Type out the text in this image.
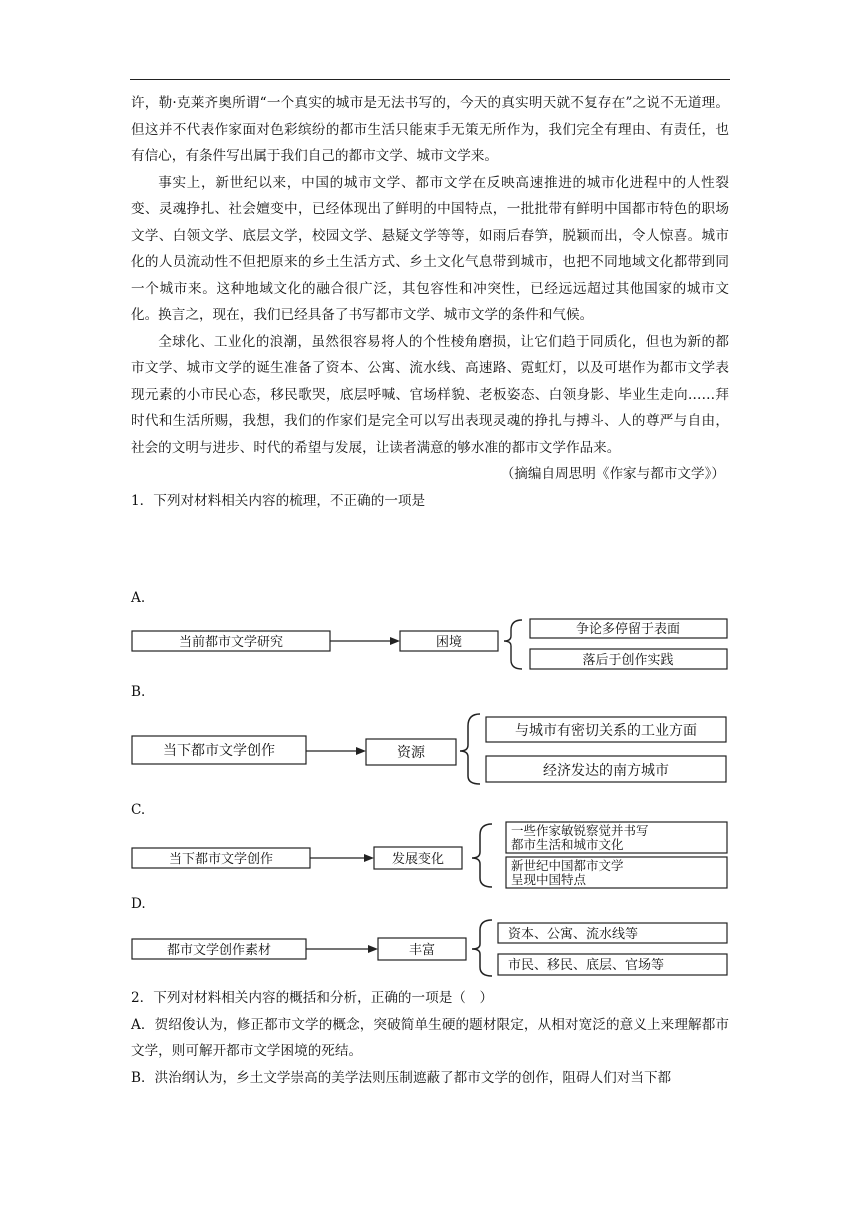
许，勒·克莱齐奥所谓“一个真实的城市是无法书写的，今天的真实明天就不复存在”之说不无道理。但这并不代表作家面对色彩缤纷的都市生活只能束手无策无所作为，我们完全有理由、有责任，也有信心，有条件写出属于我们自己的都市文学、城市文学来。

事实上，新世纪以来，中国的城市文学、都市文学在反映高速推进的城市化进程中的人性裂变、灵魂挣扎、社会嬗变中，已经体现出了鲜明的中国特点，一批批带有鲜明中国都市特色的职场文学、白领文学、底层文学，校园文学、悬疑文学等等，如雨后春笋，脱颖而出，令人惊喜。城市化的人员流动性不但把原来的乡土生活方式、乡土文化气息带到城市，也把不同地域文化都带到同一个城市来。这种地域文化的融合很广泛，其包容性和冲突性，已经远远超过其他国家的城市文化。换言之，现在，我们已经具备了书写都市文学、城市文学的条件和气候。

全球化、工业化的浪潮，虽然很容易将人的个性棱角磨损，让它们趋于同质化，但也为新的都市文学、城市文学的诞生准备了资本、公寓、流水线、高速路、霓虹灯，以及可堪作为都市文学表现元素的小市民心态，移民歌哭，底层呼喊、官场样貌、老板姿态、白领身影、毕业生走向……拜时代和生活所赐，我想，我们的作家们是完全可以写出表现灵魂的挣扎与搏斗、人的尊严与自由，社会的文明与进步、时代的希望与发展，让读者满意的够水准的都市文学作品来。

（摘编自周思明《作家与都市文学》）

1．下列对材料相关内容的梳理，不正确的一项是

A.
当前都市文学研究	困境
争论多停留于表面
落后于创作实践
B.
当下都市文学创作	资源
与城市有密切关系的工业方面
经济发达的南方城市
C.
当下都市文学创作	发展变化
一些作家敏锐察觉并书写都市生活和城市文化
新世纪中国都市文学呈现中国特点
D.
都市文学创作素材	丰富
资本、公寓、流水线等
市民、移民、底层、官场等

2．下列对材料相关内容的概括和分析，正确的一项是（　）

A．贺绍俊认为，修正都市文学的概念，突破简单生硬的题材限定，从相对宽泛的意义上来理解都市文学，则可解开都市文学困境的死结。

B．洪治纲认为，乡土文学崇高的美学法则压制遮蔽了都市文学的创作，阻碍人们对当下都
